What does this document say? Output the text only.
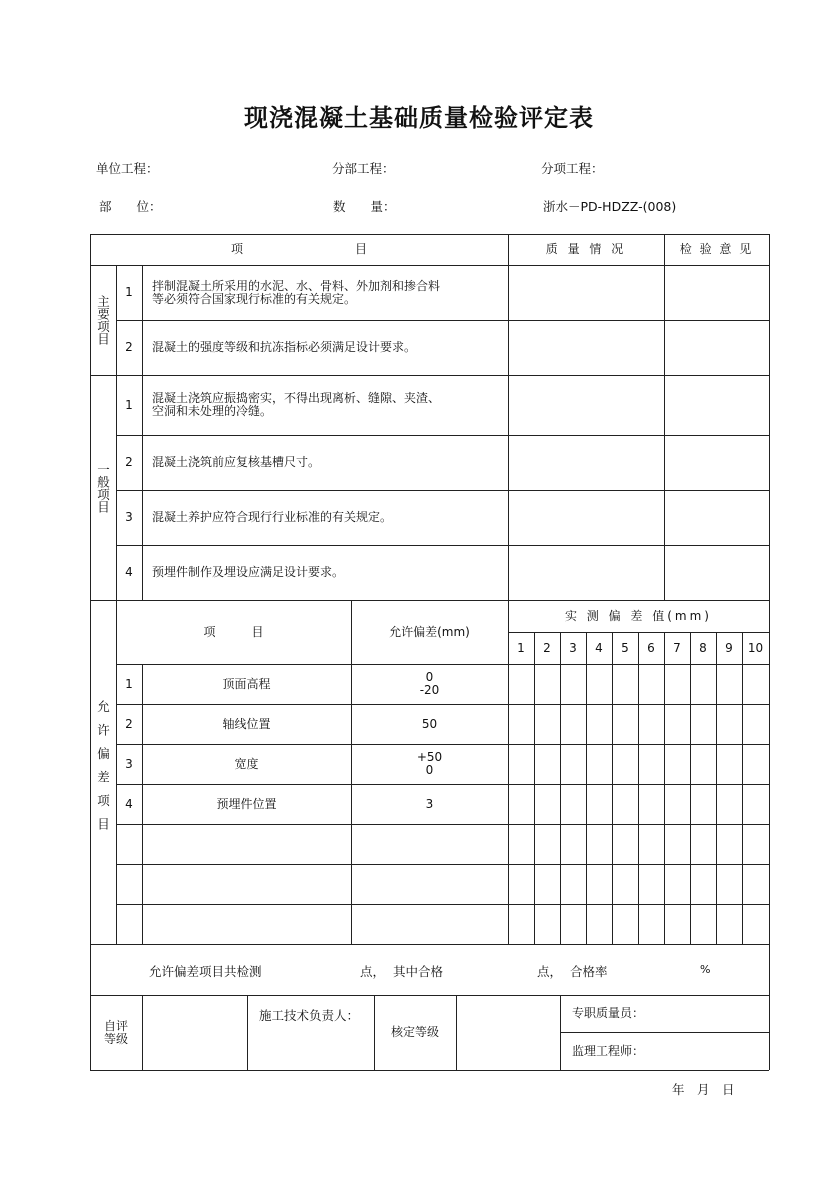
现浇混凝土基础质量检验评定表
单位工程：	分部工程：	分项工程：
部　　位：	数　　量：	浙水－PD-HDZZ-(008)
项	目	质 量 情 况	检 验 意 见
主要项目
1	拌制混凝土所采用的水泥、水、骨料、外加剂和掺合料
等必须符合国家现行标准的有关规定。
2	混凝土的强度等级和抗冻指标必须满足设计要求。
一般项目
1	混凝土浇筑应振捣密实，不得出现离析、缝隙、夹渣、
空洞和未处理的冷缝。
2	混凝土浇筑前应复核基槽尺寸。
3	混凝土养护应符合现行行业标准的有关规定。
4	预埋件制作及埋设应满足设计要求。
允许偏差项目
项　　　目	允许偏差(mm)
实 测 偏 差 值(mm)
1	2	3	4	5	6	7	8	9	10
1	顶面高程	0
-20
2	轴线位置	50
3	宽度	+50
0
4	预埋件位置	3
允许偏差项目共检测	点，  其中合格	点，  合格率	%
自评
等级
施工技术负责人：
核定等级
专职质量员：
监理工程师：
年　月　日
